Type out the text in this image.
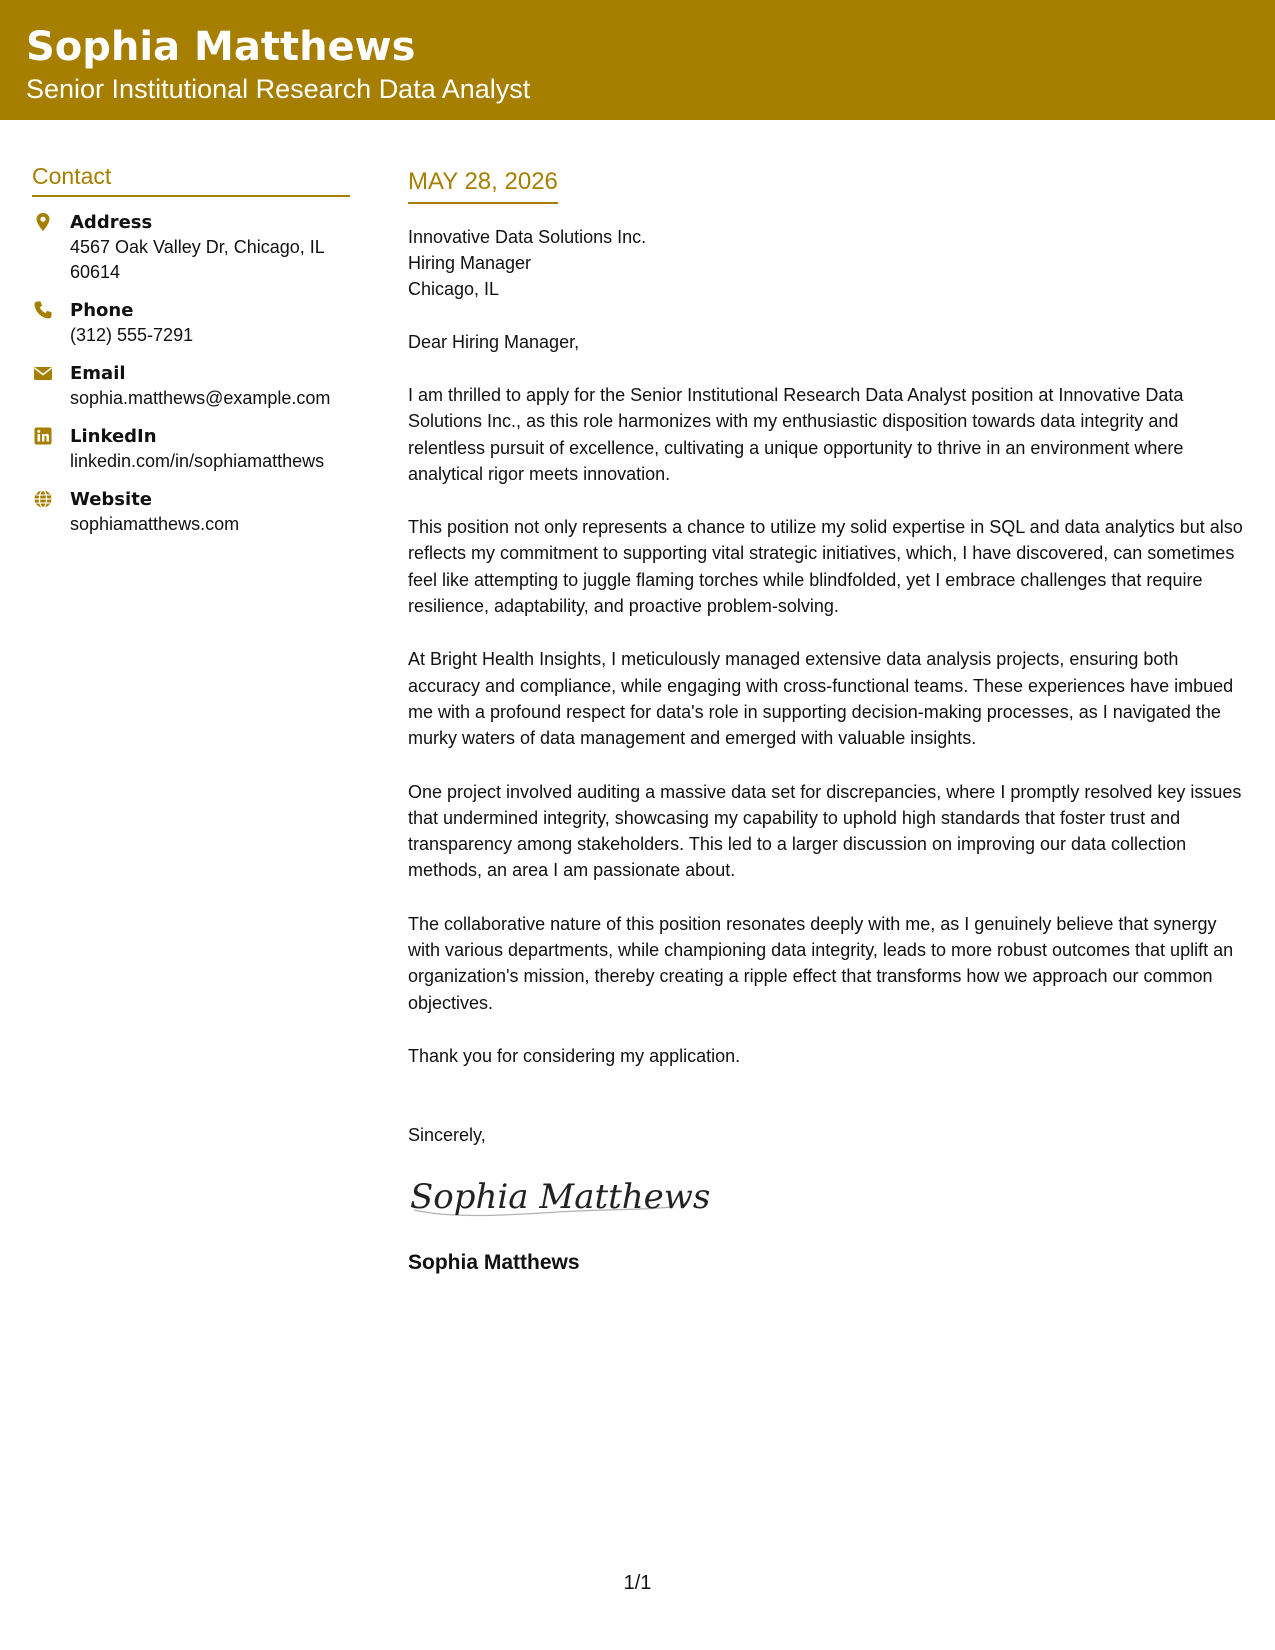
Sophia Matthews
Senior Institutional Research Data Analyst
Contact
Address
4567 Oak Valley Dr, Chicago, IL
60614
Phone
(312) 555-7291
Email
sophia.matthews@example.com
LinkedIn
linkedin.com/in/sophiamatthews
Website
sophiamatthews.com
MAY 28, 2026
Innovative Data Solutions Inc.
Hiring Manager
Chicago, IL
Dear Hiring Manager,
I am thrilled to apply for the Senior Institutional Research Data Analyst position at Innovative Data Solutions Inc., as this role harmonizes with my enthusiastic disposition towards data integrity and relentless pursuit of excellence, cultivating a unique opportunity to thrive in an environment where analytical rigor meets innovation.
This position not only represents a chance to utilize my solid expertise in SQL and data analytics but also reflects my commitment to supporting vital strategic initiatives, which, I have discovered, can sometimes feel like attempting to juggle flaming torches while blindfolded, yet I embrace challenges that require resilience, adaptability, and proactive problem-solving.
At Bright Health Insights, I meticulously managed extensive data analysis projects, ensuring both accuracy and compliance, while engaging with cross-functional teams. These experiences have imbued me with a profound respect for data's role in supporting decision-making processes, as I navigated the murky waters of data management and emerged with valuable insights.
One project involved auditing a massive data set for discrepancies, where I promptly resolved key issues that undermined integrity, showcasing my capability to uphold high standards that foster trust and transparency among stakeholders. This led to a larger discussion on improving our data collection methods, an area I am passionate about.
The collaborative nature of this position resonates deeply with me, as I genuinely believe that synergy with various departments, while championing data integrity, leads to more robust outcomes that uplift an organization's mission, thereby creating a ripple effect that transforms how we approach our common objectives.
Thank you for considering my application.
Sincerely,
Sophia Matthews
Sophia Matthews
1/1
